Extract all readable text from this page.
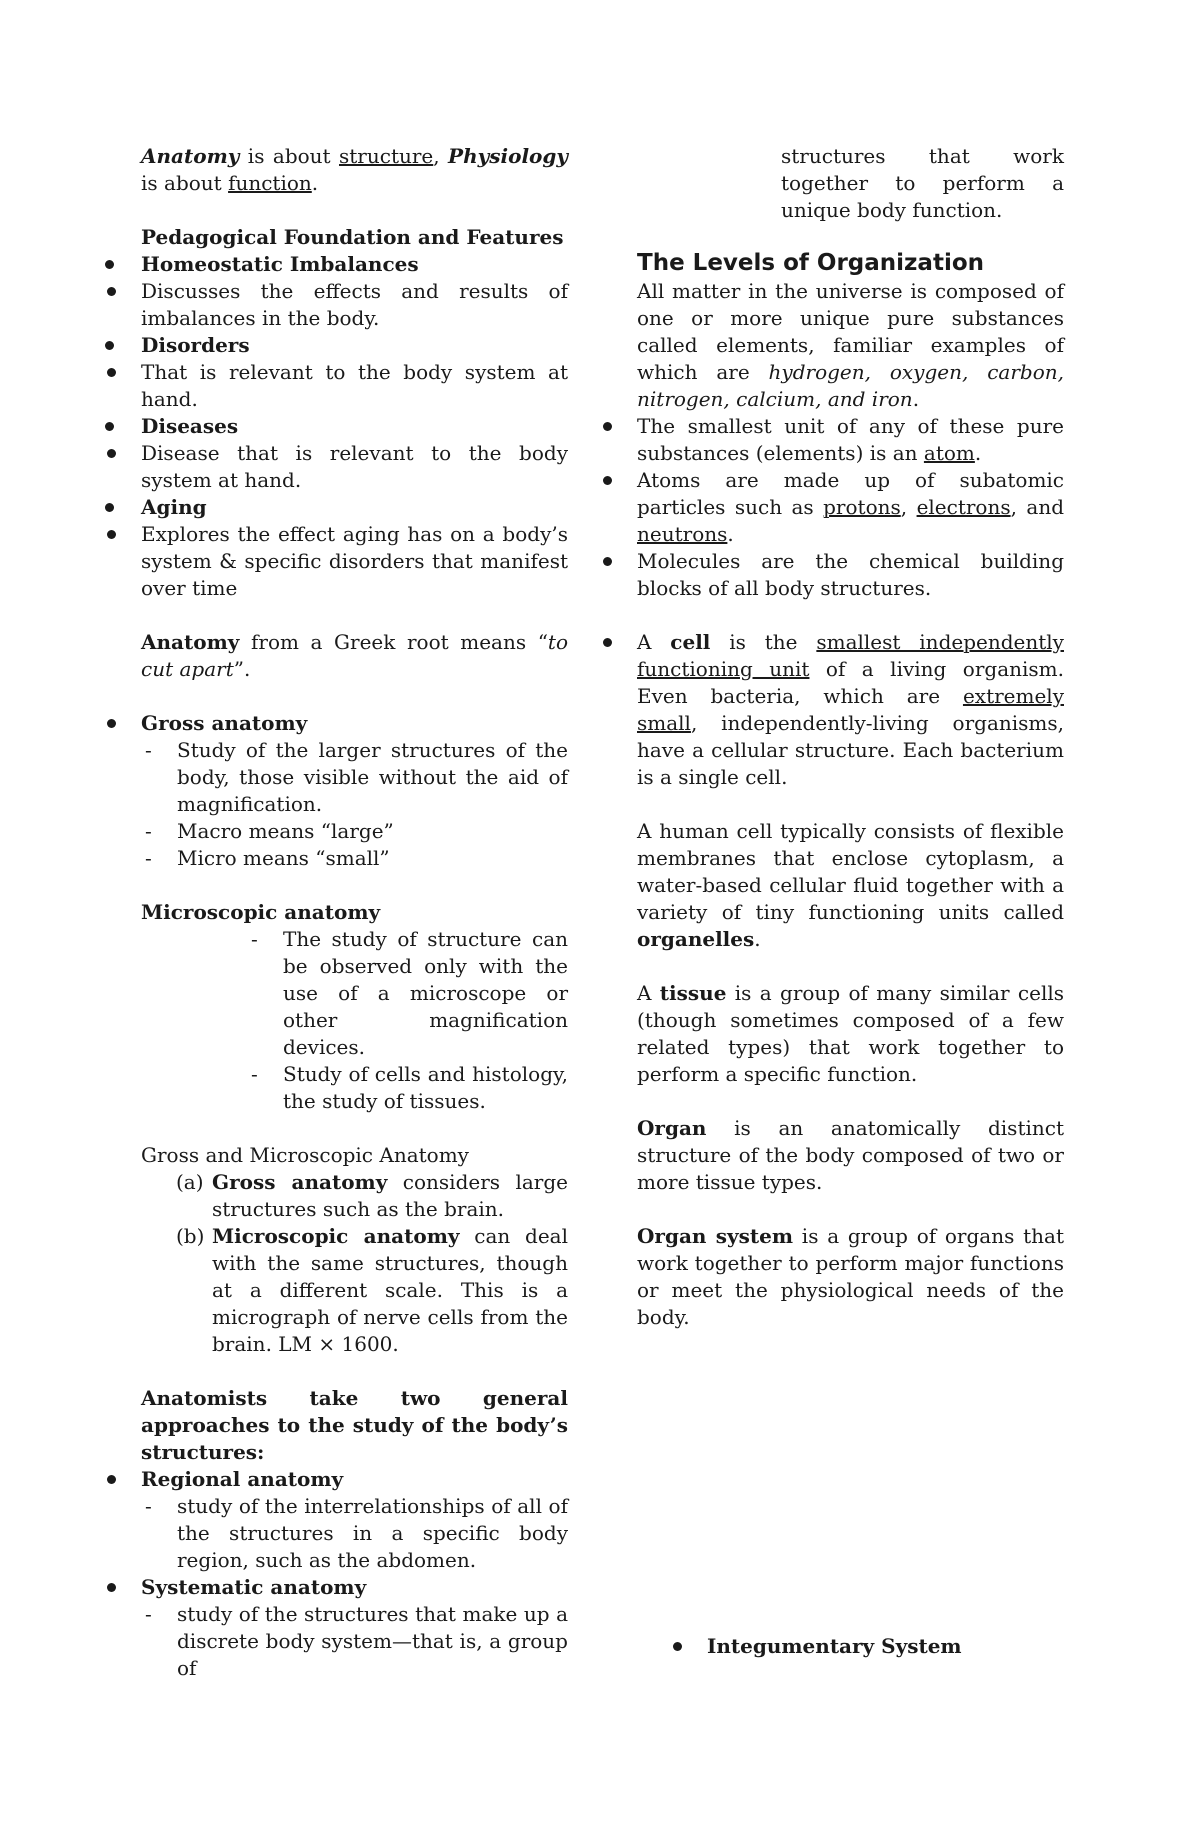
Anatomy is about structure, Physiology is about function.

Pedagogical Foundation and Features

Homeostatic Imbalances
Discusses the effects and results of imbalances in the body.
Disorders
That is relevant to the body system at hand.
Diseases
Disease that is relevant to the body system at hand.
Aging
Explores the effect aging has on a body’s system & specific disorders that manifest over time

Anatomy from a Greek root means “to cut apart”.

Gross anatomy
- Study of the larger structures of the body, those visible without the aid of magnification.
- Macro means “large”
- Micro means “small”

Microscopic anatomy

- The study of structure can be observed only with the use of a microscope or other magnification devices.
- Study of cells and histology, the study of tissues.

Gross and Microscopic Anatomy

(a) Gross anatomy considers large structures such as the brain.
(b) Microscopic anatomy can deal with the same structures, though at a different scale. This is a micrograph of nerve cells from the brain. LM × 1600.

Anatomists take two general approaches to the study of the body’s structures:

Regional anatomy
- study of the interrelationships of all of the structures in a specific body region, such as the abdomen.
Systematic anatomy
- study of the structures that make up a discrete body system—that is, a group of

structures that work together to perform a unique body function.

The Levels of Organization

All matter in the universe is composed of one or more unique pure substances called elements, familiar examples of which are hydrogen, oxygen, carbon, nitrogen, calcium, and iron.

The smallest unit of any of these pure substances (elements) is an atom.
Atoms are made up of subatomic particles such as protons, electrons, and neutrons.
Molecules are the chemical building blocks of all body structures.
A cell is the smallest independently functioning unit of a living organism. Even bacteria, which are extremely small, independently-living organisms, have a cellular structure. Each bacterium is a single cell.

A human cell typically consists of flexible membranes that enclose cytoplasm, a water-based cellular fluid together with a variety of tiny functioning units called organelles.

A tissue is a group of many similar cells (though sometimes composed of a few related types) that work together to perform a specific function.

Organ is an anatomically distinct structure of the body composed of two or more tissue types.

Organ system is a group of organs that work together to perform major functions or meet the physiological needs of the body.

Integumentary System
